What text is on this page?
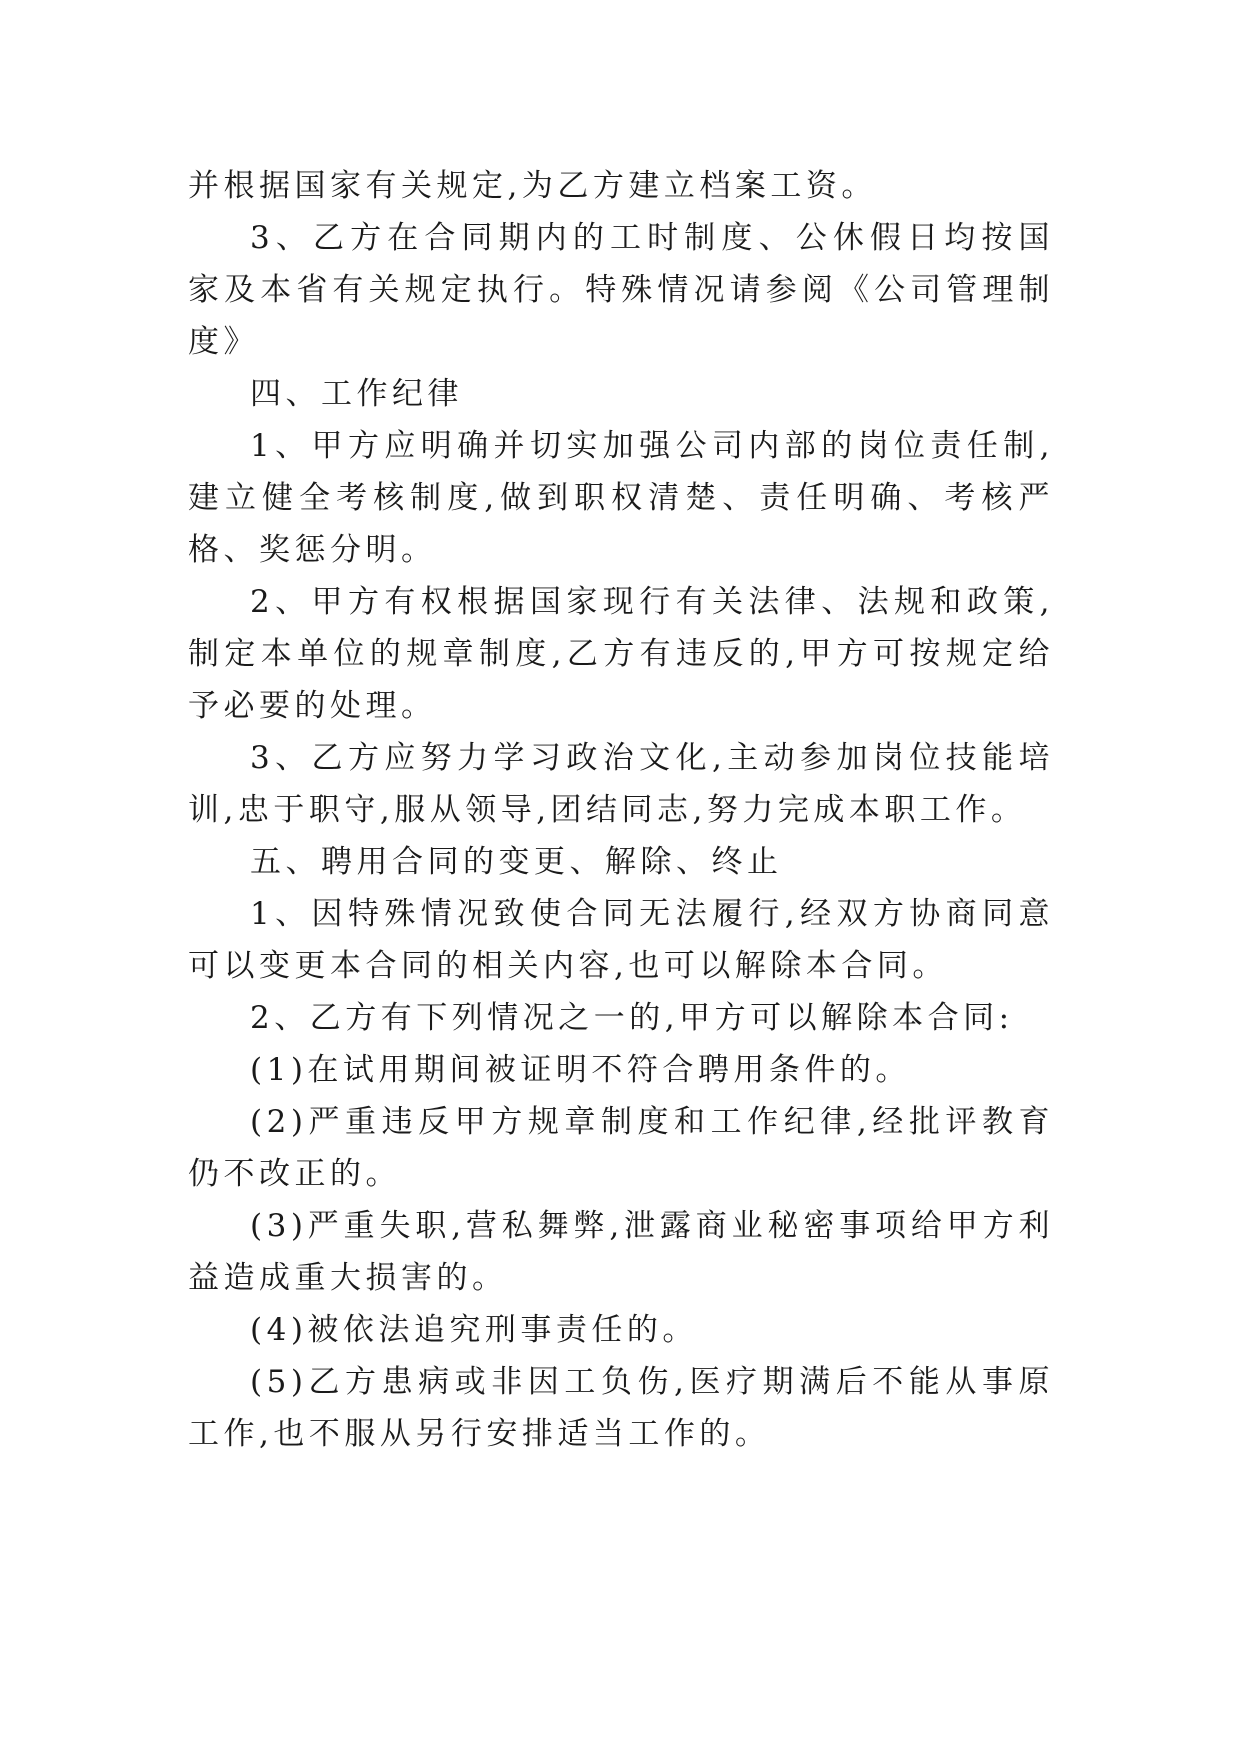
并根据国家有关规定,为乙方建立档案工资。

3、乙方在合同期内的工时制度、公休假日均按国家及本省有关规定执行。特殊情况请参阅《公司管理制度》

四、工作纪律

1、甲方应明确并切实加强公司内部的岗位责任制,建立健全考核制度,做到职权清楚、责任明确、考核严格、奖惩分明。

2、甲方有权根据国家现行有关法律、法规和政策,制定本单位的规章制度,乙方有违反的,甲方可按规定给予必要的处理。

3、乙方应努力学习政治文化,主动参加岗位技能培训,忠于职守,服从领导,团结同志,努力完成本职工作。

五、聘用合同的变更、解除、终止

1、因特殊情况致使合同无法履行,经双方协商同意可以变更本合同的相关内容,也可以解除本合同。

2、乙方有下列情况之一的,甲方可以解除本合同:

(1)在试用期间被证明不符合聘用条件的。

(2)严重违反甲方规章制度和工作纪律,经批评教育仍不改正的。

(3)严重失职,营私舞弊,泄露商业秘密事项给甲方利益造成重大损害的。

(4)被依法追究刑事责任的。

(5)乙方患病或非因工负伤,医疗期满后不能从事原工作,也不服从另行安排适当工作的。
